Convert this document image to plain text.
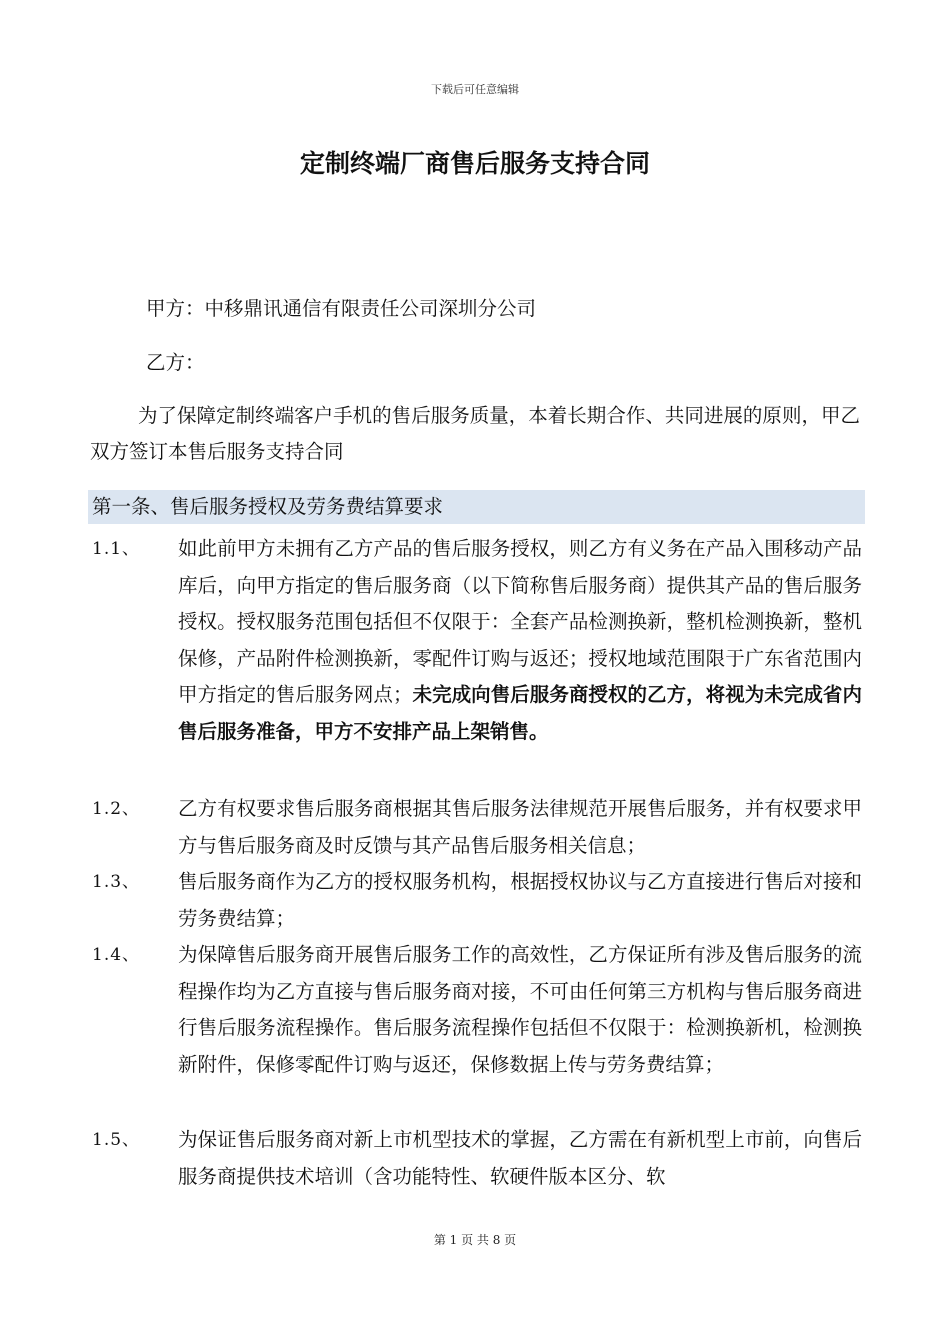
下载后可任意编辑
定制终端厂商售后服务支持合同
甲方：中移鼎讯通信有限责任公司深圳分公司
乙方：
为了保障定制终端客户手机的售后服务质量，本着长期合作、共同进展的原则，甲乙双方签订本售后服务支持合同
第一条、售后服务授权及劳务费结算要求
1.1、 如此前甲方未拥有乙方产品的售后服务授权，则乙方有义务在产品入围移动产品库后，向甲方指定的售后服务商（以下简称售后服务商）提供其产品的售后服务授权。授权服务范围包括但不仅限于：全套产品检测换新，整机检测换新，整机保修，产品附件检测换新，零配件订购与返还；授权地域范围限于广东省范围内甲方指定的售后服务网点；未完成向售后服务商授权的乙方，将视为未完成省内售后服务准备，甲方不安排产品上架销售。
1.2、 乙方有权要求售后服务商根据其售后服务法律规范开展售后服务，并有权要求甲方与售后服务商及时反馈与其产品售后服务相关信息；
1.3、 售后服务商作为乙方的授权服务机构，根据授权协议与乙方直接进行售后对接和劳务费结算；
1.4、 为保障售后服务商开展售后服务工作的高效性，乙方保证所有涉及售后服务的流程操作均为乙方直接与售后服务商对接，不可由任何第三方机构与售后服务商进行售后服务流程操作。售后服务流程操作包括但不仅限于：检测换新机，检测换新附件，保修零配件订购与返还，保修数据上传与劳务费结算；
1.5、 为保证售后服务商对新上市机型技术的掌握，乙方需在有新机型上市前，向售后服务商提供技术培训（含功能特性、软硬件版本区分、软
第 1 页 共 8 页
